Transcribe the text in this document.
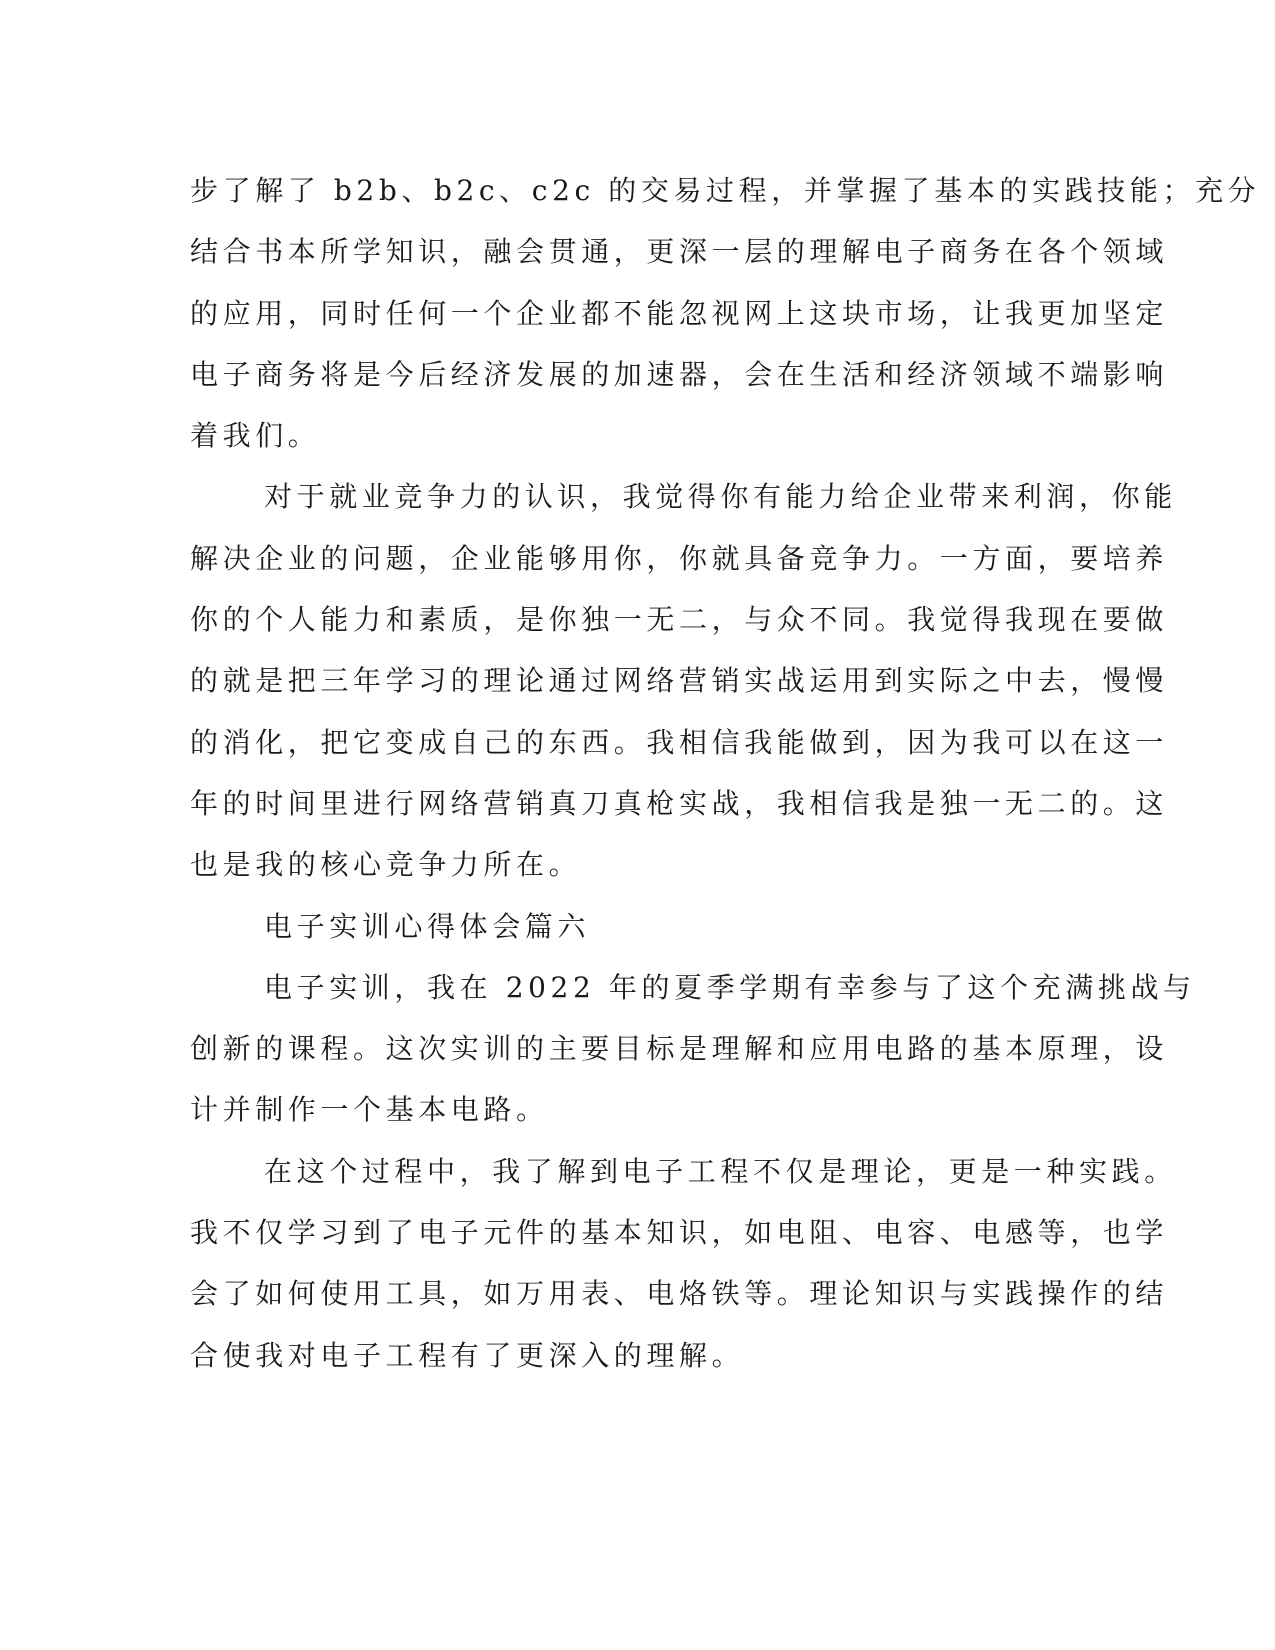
步了解了 b2b、b2c、c2c 的交易过程，并掌握了基本的实践技能；充分
结合书本所学知识，融会贯通，更深一层的理解电子商务在各个领域
的应用，同时任何一个企业都不能忽视网上这块市场，让我更加坚定
电子商务将是今后经济发展的加速器，会在生活和经济领域不端影响
着我们。
对于就业竞争力的认识，我觉得你有能力给企业带来利润，你能
解决企业的问题，企业能够用你，你就具备竞争力。一方面，要培养
你的个人能力和素质，是你独一无二，与众不同。我觉得我现在要做
的就是把三年学习的理论通过网络营销实战运用到实际之中去，慢慢
的消化，把它变成自己的东西。我相信我能做到，因为我可以在这一
年的时间里进行网络营销真刀真枪实战，我相信我是独一无二的。这
也是我的核心竞争力所在。
电子实训心得体会篇六
电子实训，我在 2022 年的夏季学期有幸参与了这个充满挑战与
创新的课程。这次实训的主要目标是理解和应用电路的基本原理，设
计并制作一个基本电路。
在这个过程中，我了解到电子工程不仅是理论，更是一种实践。
我不仅学习到了电子元件的基本知识，如电阻、电容、电感等，也学
会了如何使用工具，如万用表、电烙铁等。理论知识与实践操作的结
合使我对电子工程有了更深入的理解。
